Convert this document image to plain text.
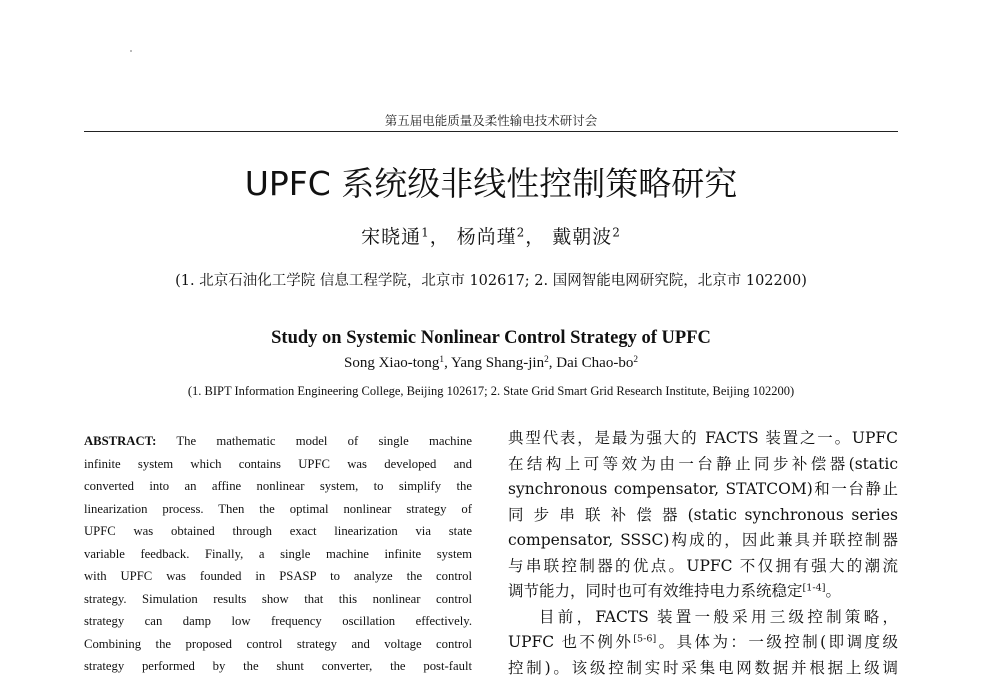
第五届电能质量及柔性输电技术研讨会
UPFC 系统级非线性控制策略研究
宋晓通$^1$， 杨尚瑾$^2$， 戴朝波$^2$
(1. 北京石油化工学院 信息工程学院，北京市 102617; 2. 国网智能电网研究院，北京市 102200)
Study on Systemic Nonlinear Control Strategy of UPFC
Song Xiao-tong$^1$, Yang Shang-jin$^2$, Dai Chao-$bo^2$
(1. BIPT Information Engineering College, Beijing 102617; 2. State Grid Smart Grid Research Institute, Beijing 102200)
ABSTRACT: The mathematic model of single machine
infinite system which contains UPFC was developed and
converted into an affine nonlinear system, to simplify the
linearization process. Then the optimal nonlinear strategy of
UPFC was obtained through exact linearization via state
variable feedback. Finally, a single machine infinite system
with UPFC was founded in PSASP to analyze the control
strategy. Simulation results show that this nonlinear control
strategy can damp low frequency oscillation effectively.
Combining the proposed control strategy and voltage control
strategy performed by the shunt converter, the post-fault
典型代表，是最为强大的 FACTS 装置之一。UPFC
在结构上可等效为由一台静止同步补偿器(static
synchronous compensator, STATCOM)和一台静止
同 步 串 联 补 偿 器 (static synchronous series
compensator, SSSC)构成的，因此兼具并联控制器
与串联控制器的优点。UPFC 不仅拥有强大的潮流
调节能力，同时也可有效维持电力系统稳定[1-4]。
目前，FACTS 装置一般采用三级控制策略，
UPFC 也不例外[5-6]。具体为：一级控制(即调度级
控制)。该级控制实时采集电网数据并根据上级调
